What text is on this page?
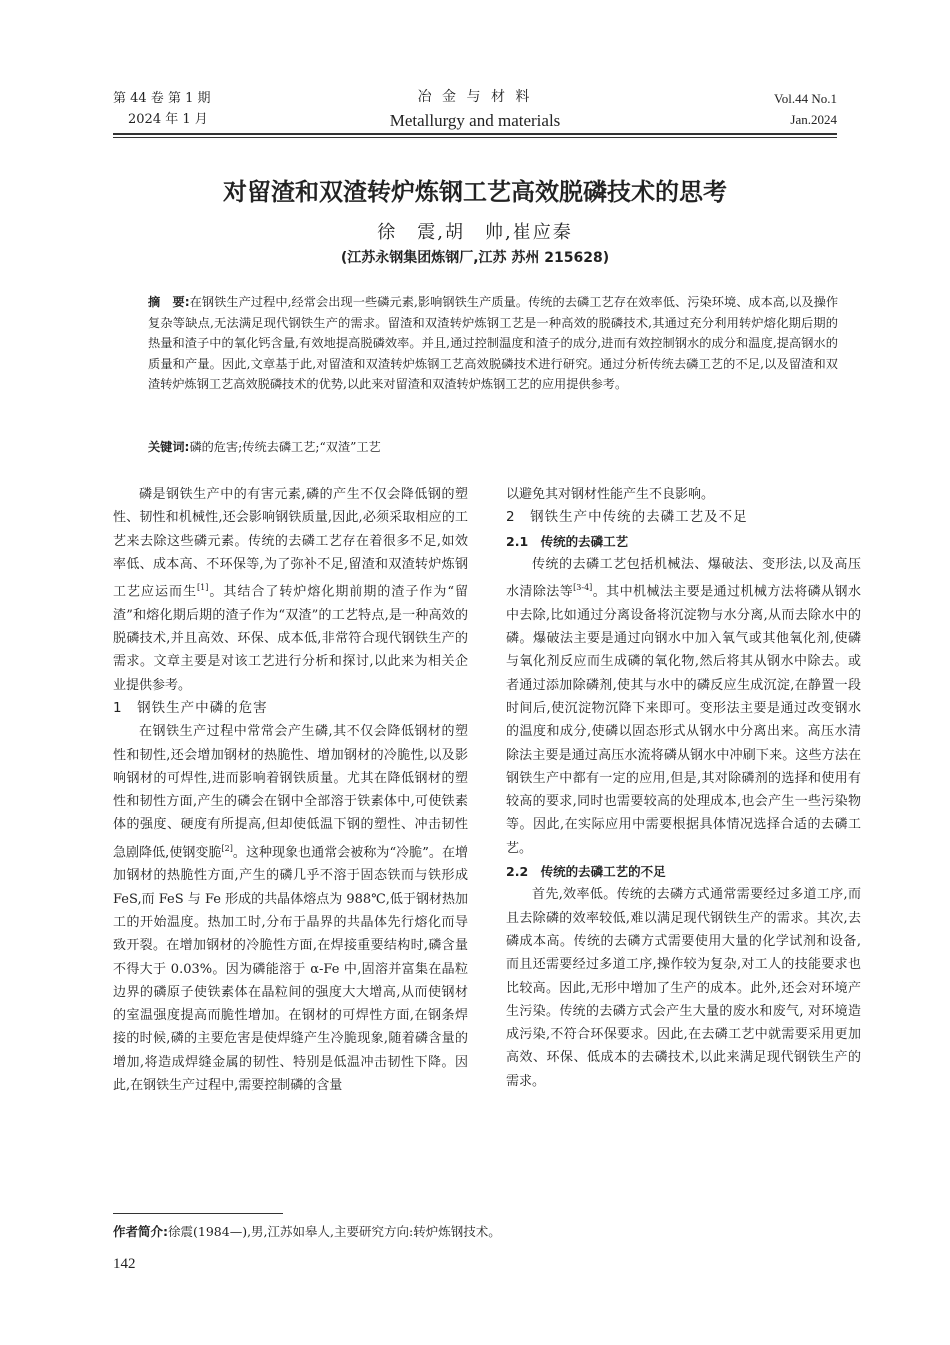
第 44 卷 第 1 期
2024 年 1 月
冶 金 与 材 料
Metallurgy and materials
Vol.44 No.1
Jan.2024
对留渣和双渣转炉炼钢工艺高效脱磷技术的思考
徐　震,胡　帅,崔应秦
(江苏永钢集团炼钢厂,江苏 苏州 215628)
摘　要:在钢铁生产过程中,经常会出现一些磷元素,影响钢铁生产质量。传统的去磷工艺存在效率低、污染环境、成本高,以及操作复杂等缺点,无法满足现代钢铁生产的需求。留渣和双渣转炉炼钢工艺是一种高效的脱磷技术,其通过充分利用转炉熔化期后期的热量和渣子中的氧化钙含量,有效地提高脱磷效率。并且,通过控制温度和渣子的成分,进而有效控制钢水的成分和温度,提高钢水的质量和产量。因此,文章基于此,对留渣和双渣转炉炼钢工艺高效脱磷技术进行研究。通过分析传统去磷工艺的不足,以及留渣和双渣转炉炼钢工艺高效脱磷技术的优势,以此来对留渣和双渣转炉炼钢工艺的应用提供参考。
关键词:磷的危害;传统去磷工艺;“双渣”工艺

磷是钢铁生产中的有害元素,磷的产生不仅会降低钢的塑性、韧性和机械性,还会影响钢铁质量,因此,必须采取相应的工艺来去除这些磷元素。传统的去磷工艺存在着很多不足,如效率低、成本高、不环保等,为了弥补不足,留渣和双渣转炉炼钢工艺应运而生[1]。其结合了转炉熔化期前期的渣子作为“留渣”和熔化期后期的渣子作为“双渣”的工艺特点,是一种高效的脱磷技术,并且高效、环保、成本低,非常符合现代钢铁生产的需求。文章主要是对该工艺进行分析和探讨,以此来为相关企业提供参考。

1　钢铁生产中磷的危害

在钢铁生产过程中常常会产生磷,其不仅会降低钢材的塑性和韧性,还会增加钢材的热脆性、增加钢材的冷脆性,以及影响钢材的可焊性,进而影响着钢铁质量。尤其在降低钢材的塑性和韧性方面,产生的磷会在钢中全部溶于铁素体中,可使铁素体的强度、硬度有所提高,但却使低温下钢的塑性、冲击韧性急剧降低,使钢变脆[2]。这种现象也通常会被称为“冷脆”。在增加钢材的热脆性方面,产生的磷几乎不溶于固态铁而与铁形成 FeS,而 FeS 与 Fe 形成的共晶体熔点为 988℃,低于钢材热加工的开始温度。热加工时,分布于晶界的共晶体先行熔化而导致开裂。在增加钢材的冷脆性方面,在焊接重要结构时,磷含量不得大于 0.03%。因为磷能溶于 α-Fe 中,固溶并富集在晶粒边界的磷原子使铁素体在晶粒间的强度大大增高,从而使钢材的室温强度提高而脆性增加。在钢材的可焊性方面,在钢条焊接的时候,磷的主要危害是使焊缝产生冷脆现象,随着磷含量的增加,将造成焊缝金属的韧性、特别是低温冲击韧性下降。因此,在钢铁生产过程中,需要控制磷的含量

以避免其对钢材性能产生不良影响。

2　钢铁生产中传统的去磷工艺及不足

2.1　传统的去磷工艺

传统的去磷工艺包括机械法、爆破法、变形法,以及高压水清除法等[3-4]。其中机械法主要是通过机械方法将磷从钢水中去除,比如通过分离设备将沉淀物与水分离,从而去除水中的磷。爆破法主要是通过向钢水中加入氧气或其他氧化剂,使磷与氧化剂反应而生成磷的氧化物,然后将其从钢水中除去。或者通过添加除磷剂,使其与水中的磷反应生成沉淀,在静置一段时间后,使沉淀物沉降下来即可。变形法主要是通过改变钢水的温度和成分,使磷以固态形式从钢水中分离出来。高压水清除法主要是通过高压水流将磷从钢水中冲刷下来。这些方法在钢铁生产中都有一定的应用,但是,其对除磷剂的选择和使用有较高的要求,同时也需要较高的处理成本,也会产生一些污染物等。因此,在实际应用中需要根据具体情况选择合适的去磷工艺。

2.2　传统的去磷工艺的不足

首先,效率低。传统的去磷方式通常需要经过多道工序,而且去除磷的效率较低,难以满足现代钢铁生产的需求。其次,去磷成本高。传统的去磷方式需要使用大量的化学试剂和设备,而且还需要经过多道工序,操作较为复杂,对工人的技能要求也比较高。因此,无形中增加了生产的成本。此外,还会对环境产生污染。传统的去磷方式会产生大量的废水和废气, 对环境造成污染,不符合环保要求。因此,在去磷工艺中就需要采用更加高效、环保、低成本的去磷技术,以此来满足现代钢铁生产的需求。

作者简介:徐震(1984—),男,江苏如皋人,主要研究方向:转炉炼钢技术。
142
